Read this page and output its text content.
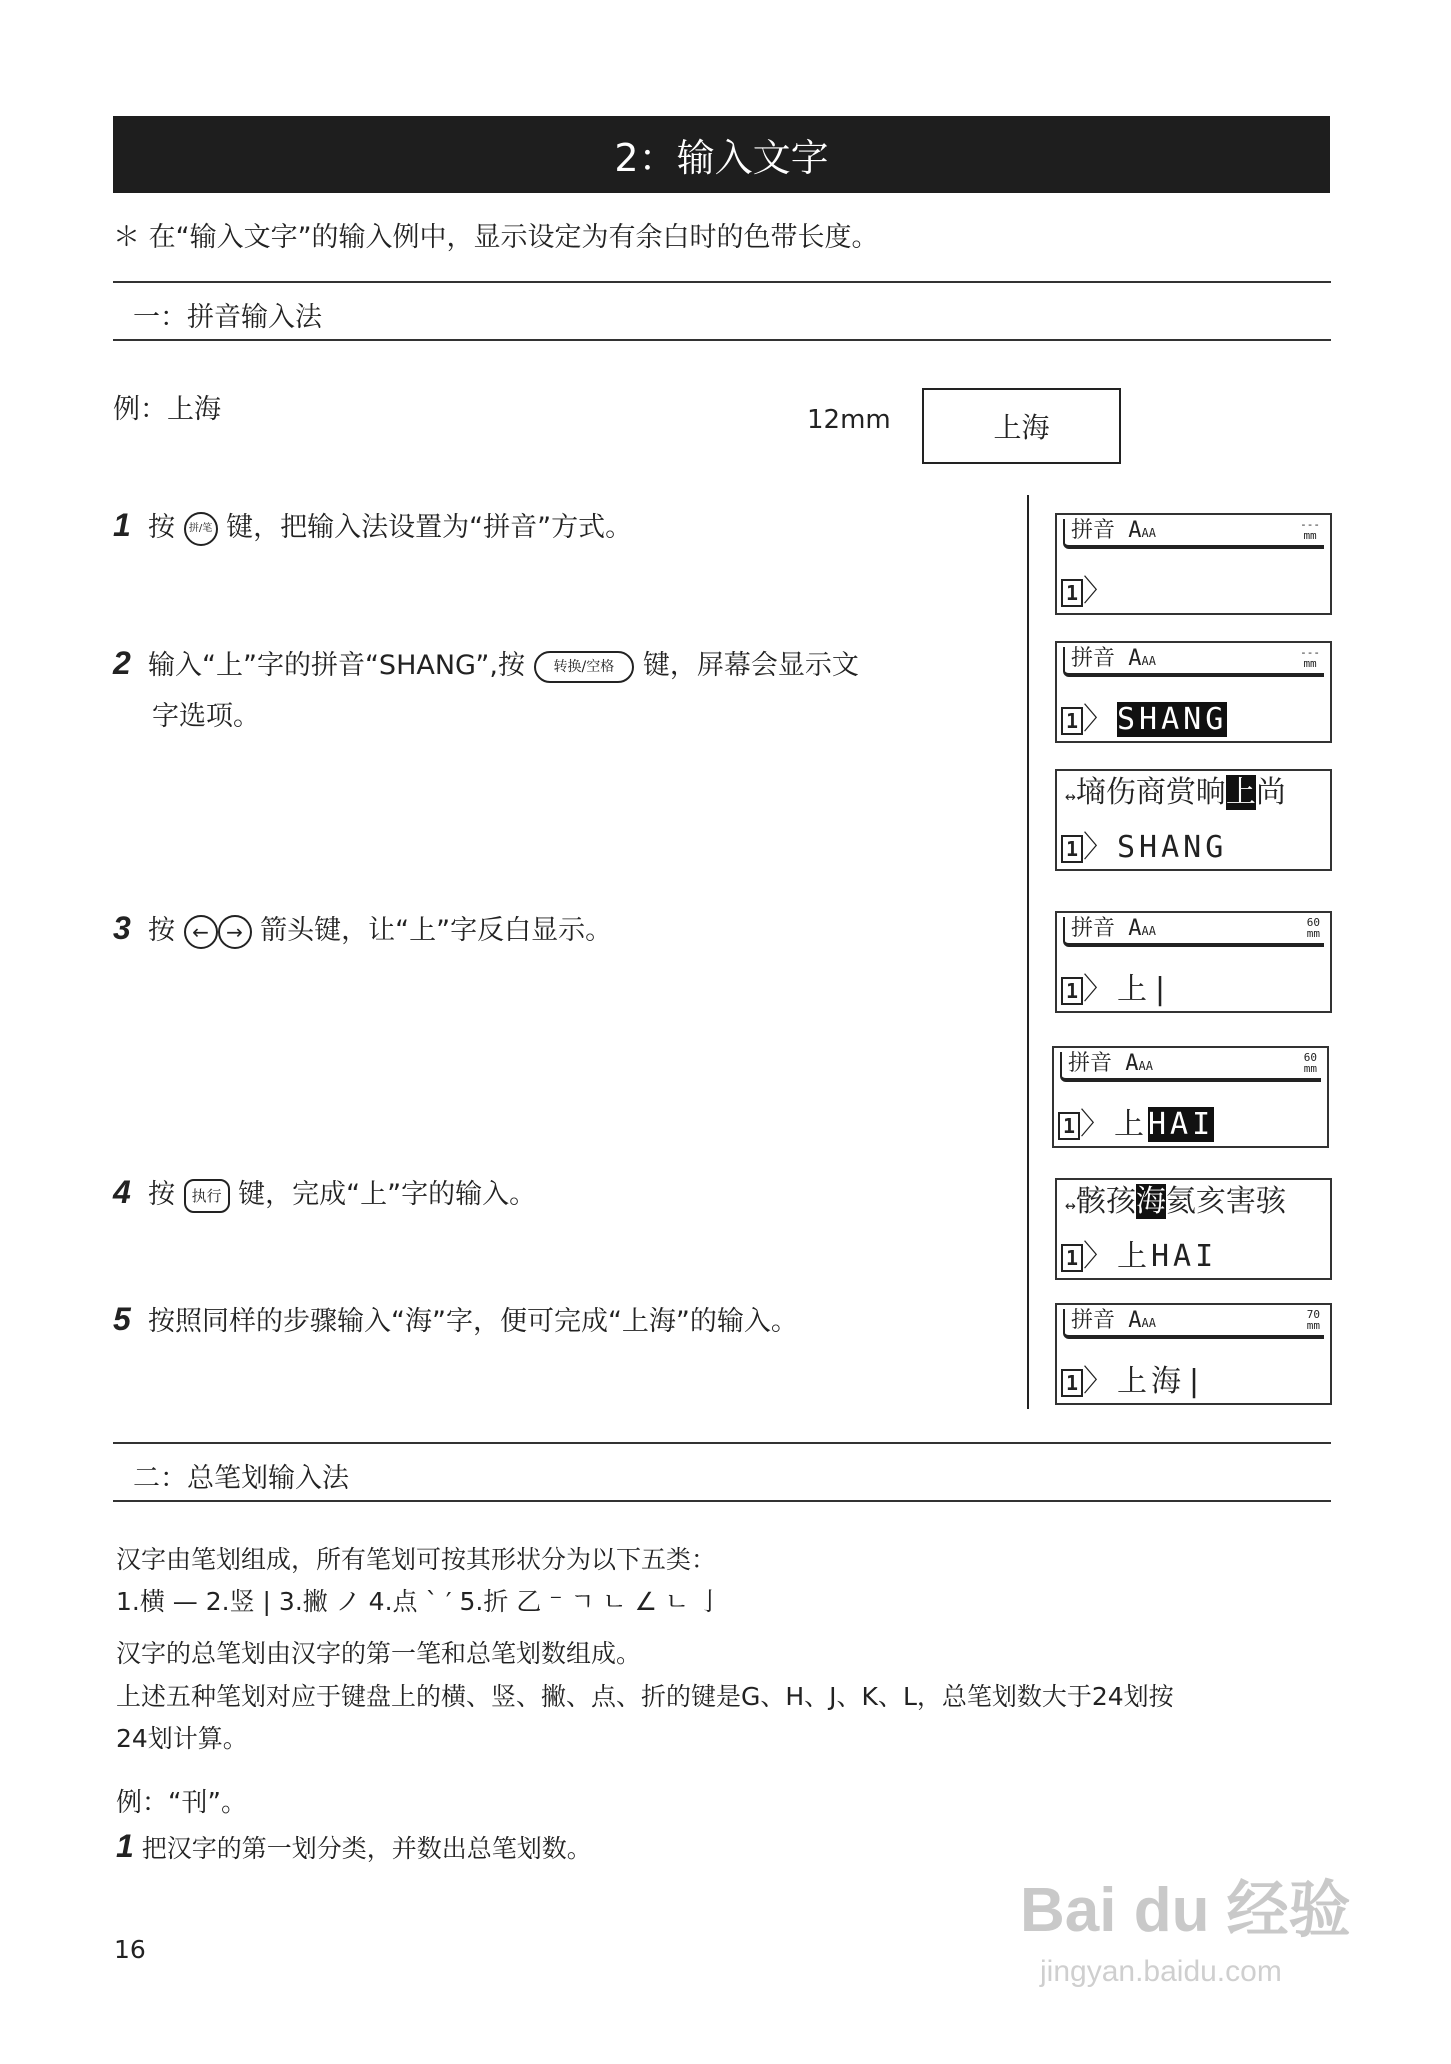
2：输入文字
＊ 在“输入文字”的输入例中，显示设定为有余白时的色带长度。
一：拼音输入法
例：上海	12mm	上海
1 按 拼/笔 键，把输入法设置为“拼音”方式。
2 输入“上”字的拼音“SHANG”,按 转换/空格 键，屏幕会显示文
字选项。
3 按 ← → 箭头键，让“上”字反白显示。
4 按 执行 键，完成“上”字的输入。
5 按照同样的步骤输入“海”字，便可完成“上海”的输入。
拼音 AAA
---
mm
1 〉
拼音 AAA
---
mm
1 〉SHANG
↔墒伤商赏晌上尚
1 〉SHANG
拼音 AAA
60
mm
1 〉上|
拼音 AAA
60
mm
1 〉上HAI
↔骸孩海氦亥害骇
1 〉上HAI
拼音 AAA
70
mm
1 〉上海|
二：总笔划输入法
汉字由笔划组成，所有笔划可按其形状分为以下五类：
1.横 — 2.竖 | 3.撇 ノ 4.点 ` ′ 5.折 乙 ⁻ ㄱ ㄴ ∠ ㄴ 亅
汉字的总笔划由汉字的第一笔和总笔划数组成。
上述五种笔划对应于键盘上的横、竖、撇、点、折的键是G、H、J、K、L，总笔划数大于24划按
24划计算。
例：“刊”。
1 把汉字的第一划分类，并数出总笔划数。
16
Bai du 经验
jingyan.baidu.com
